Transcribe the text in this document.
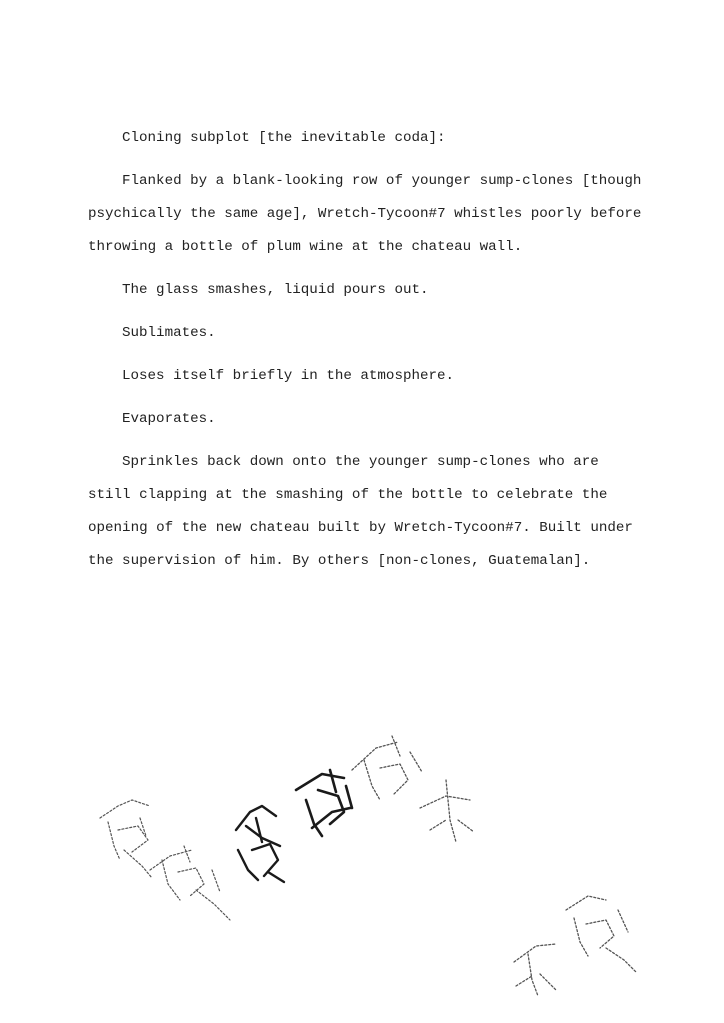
Cloning subplot [the inevitable coda]:

Flanked by a blank-looking row of younger sump-clones [though psychically the same age], Wretch-Tycoon#7 whistles poorly before throwing a bottle of plum wine at the chateau wall.

The glass smashes, liquid pours out.

Sublimates.

Loses itself briefly in the atmosphere.

Evaporates.

Sprinkles back down onto the younger sump-clones who are still clapping at the smashing of the bottle to celebrate the opening of the new chateau built by Wretch-Tycoon#7. Built under the supervision of him. By others [non-clones, Guatemalan].
